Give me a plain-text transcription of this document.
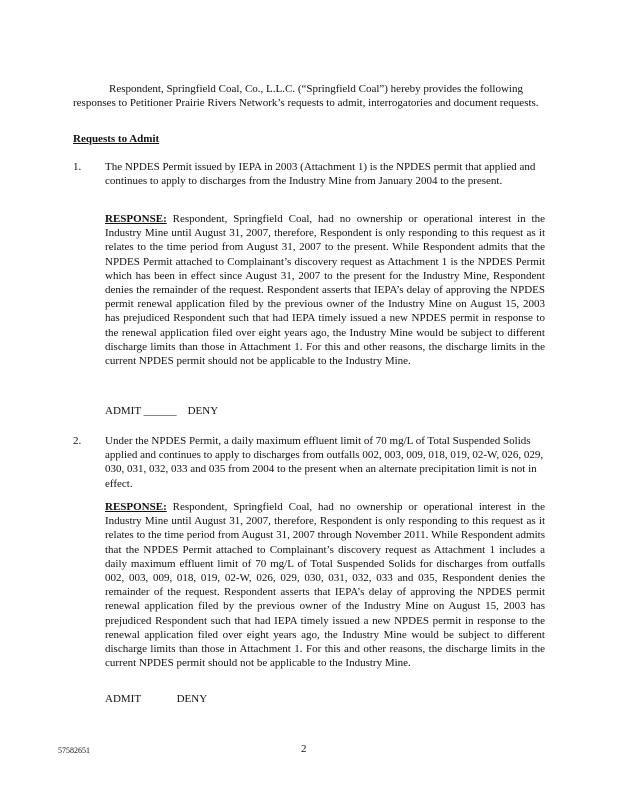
Respondent, Springfield Coal, Co., L.L.C. (“Springfield Coal”) hereby provides the following responses to Petitioner Prairie Rivers Network’s requests to admit, interrogatories and document requests.

Requests to Admit

1. The NPDES Permit issued by IEPA in 2003 (Attachment 1) is the NPDES permit that applied and continues to apply to discharges from the Industry Mine from January 2004 to the present.

RESPONSE: Respondent, Springfield Coal, had no ownership or operational interest in the Industry Mine until August 31, 2007, therefore, Respondent is only responding to this request as it relates to the time period from August 31, 2007 to the present. While Respondent admits that the NPDES Permit attached to Complainant’s discovery request as Attachment 1 is the NPDES Permit which has been in effect since August 31, 2007 to the present for the Industry Mine, Respondent denies the remainder of the request. Respondent asserts that IEPA’s delay of approving the NPDES permit renewal application filed by the previous owner of the Industry Mine on August 15, 2003 has prejudiced Respondent such that had IEPA timely issued a new NPDES permit in response to the renewal application filed over eight years ago, the Industry Mine would be subject to different discharge limits than those in Attachment 1. For this and other reasons, the discharge limits in the current NPDES permit should not be applicable to the Industry Mine.

ADMIT ______    DENY

2. Under the NPDES Permit, a daily maximum effluent limit of 70 mg/L of Total Suspended Solids applied and continues to apply to discharges from outfalls 002, 003, 009, 018, 019, 02-W, 026, 029, 030, 031, 032, 033 and 035 from 2004 to the present when an alternate precipitation limit is not in effect.

RESPONSE: Respondent, Springfield Coal, had no ownership or operational interest in the Industry Mine until August 31, 2007, therefore, Respondent is only responding to this request as it relates to the time period from August 31, 2007 through November 2011. While Respondent admits that the NPDES Permit attached to Complainant’s discovery request as Attachment 1 includes a daily maximum effluent limit of 70 mg/L of Total Suspended Solids for discharges from outfalls 002, 003, 009, 018, 019, 02-W, 026, 029, 030, 031, 032, 033 and 035, Respondent denies the remainder of the request. Respondent asserts that IEPA’s delay of approving the NPDES permit renewal application filed by the previous owner of the Industry Mine on August 15, 2003 has prejudiced Respondent such that had IEPA timely issued a new NPDES permit in response to the renewal application filed over eight years ago, the Industry Mine would be subject to different discharge limits than those in Attachment 1. For this and other reasons, the discharge limits in the current NPDES permit should not be applicable to the Industry Mine.

ADMIT             DENY

57582651	2
